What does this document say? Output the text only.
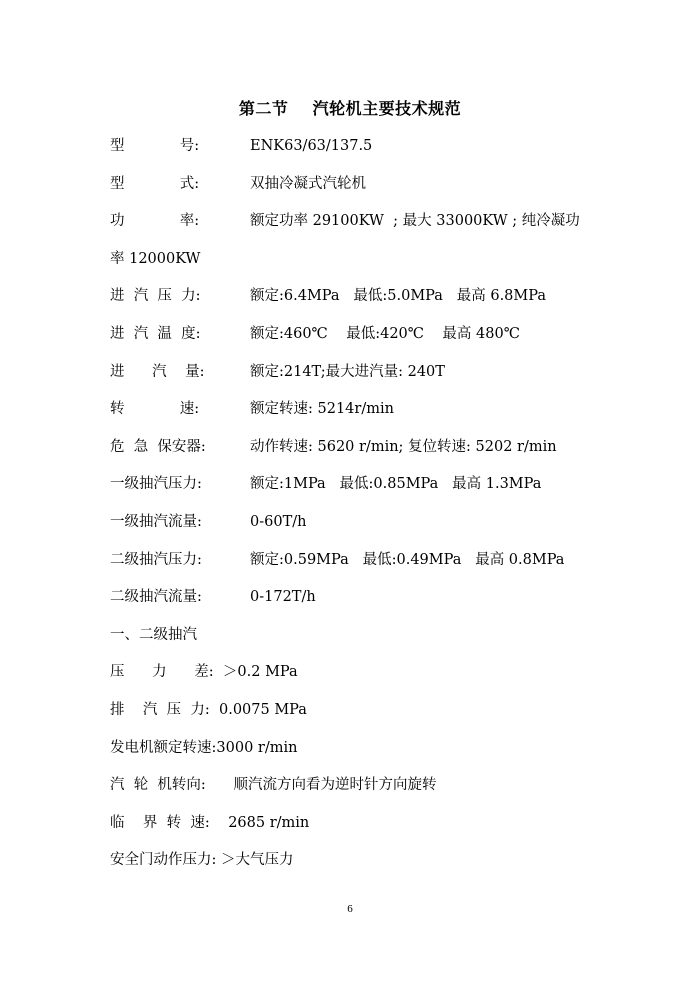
第二节    汽轮机主要技术规范
型            号:	ENK63/63/137.5
型            式:	双抽冷凝式汽轮机
功            率:	额定功率 29100KW  ; 最大 33000KW ; 纯冷凝功
率 12000KW
进  汽  压  力:	额定:6.4MPa   最低:5.0MPa   最高 6.8MPa
进  汽  温  度:	额定:460℃    最低:420℃    最高 480℃
进      汽    量:	额定:214T;最大进汽量: 240T
转            速:	额定转速: 5214r/min
危  急  保安器:	动作转速: 5620 r/min; 复位转速: 5202 r/min
一级抽汽压力:	额定:1MPa   最低:0.85MPa   最高 1.3MPa
一级抽汽流量:	0-60T/h
二级抽汽压力:	额定:0.59MPa   最低:0.49MPa   最高 0.8MPa
二级抽汽流量:	0-172T/h
一、二级抽汽
压      力      差:  ＞0.2 MPa
排    汽  压  力:  0.0075 MPa
发电机额定转速:3000 r/min
汽  轮  机转向:      顺汽流方向看为逆时针方向旋转
临    界  转  速:    2685 r/min
安全门动作压力: ＞大气压力
6
